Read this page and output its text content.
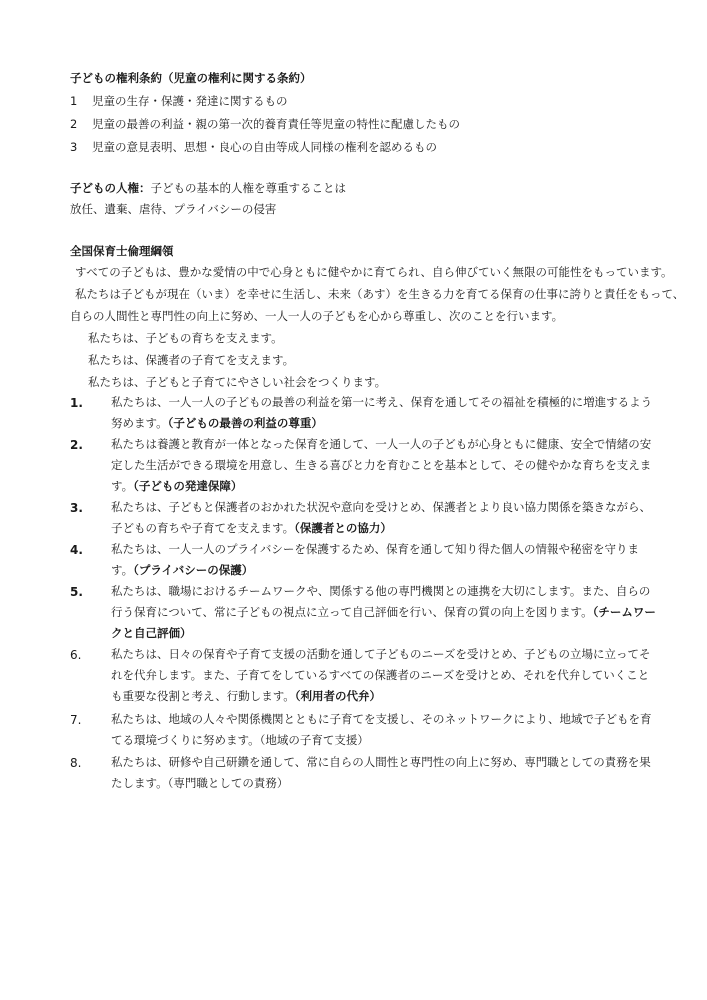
子どもの権利条約（児童の権利に関する条約）
1 児童の生存・保護・発達に関するもの
2 児童の最善の利益・親の第一次的養育責任等児童の特性に配慮したもの
3 児童の意見表明、思想・良心の自由等成人同様の権利を認めるもの
子どもの人権：子どもの基本的人権を尊重することは
放任、遺棄、虐待、プライバシーの侵害
全国保育士倫理綱領
すべての子どもは、豊かな愛情の中で心身ともに健やかに育てられ、自ら伸びていく無限の可能性をもっています。
私たちは子どもが現在（いま）を幸せに生活し、未来（あす）を生きる力を育てる保育の仕事に誇りと責任をもって、
自らの人間性と専門性の向上に努め、一人一人の子どもを心から尊重し、次のことを行います。
私たちは、子どもの育ちを支えます。
私たちは、保護者の子育てを支えます。
私たちは、子どもと子育てにやさしい社会をつくります。
1. 私たちは、一人一人の子どもの最善の利益を第一に考え、保育を通してその福祉を積極的に増進するよう努めます。（子どもの最善の利益の尊重）
2. 私たちは養護と教育が一体となった保育を通して、一人一人の子どもが心身ともに健康、安全で情緒の安定した生活ができる環境を用意し、生きる喜びと力を育むことを基本として、その健やかな育ちを支えます。（子どもの発達保障）
3. 私たちは、子どもと保護者のおかれた状況や意向を受けとめ、保護者とより良い協力関係を築きながら、子どもの育ちや子育てを支えます。（保護者との協力）
4. 私たちは、一人一人のプライバシーを保護するため、保育を通して知り得た個人の情報や秘密を守ります。（プライバシーの保護）
5. 私たちは、職場におけるチームワークや、関係する他の専門機関との連携を大切にします。また、自らの行う保育について、常に子どもの視点に立って自己評価を行い、保育の質の向上を図ります。（チームワークと自己評価）
6.	私たちは、日々の保育や子育て支援の活動を通して子どものニーズを受けとめ、子どもの立場に立ってそれを代弁します。また、子育てをしているすべての保護者のニーズを受けとめ、それを代弁していくことも重要な役割と考え、行動します。（利用者の代弁）
7.	私たちは、地域の人々や関係機関とともに子育てを支援し、そのネットワークにより、地域で子どもを育てる環境づくりに努めます。（地域の子育て支援）
8.	私たちは、研修や自己研鑽を通して、常に自らの人間性と専門性の向上に努め、専門職としての責務を果たします。（専門職としての責務）
